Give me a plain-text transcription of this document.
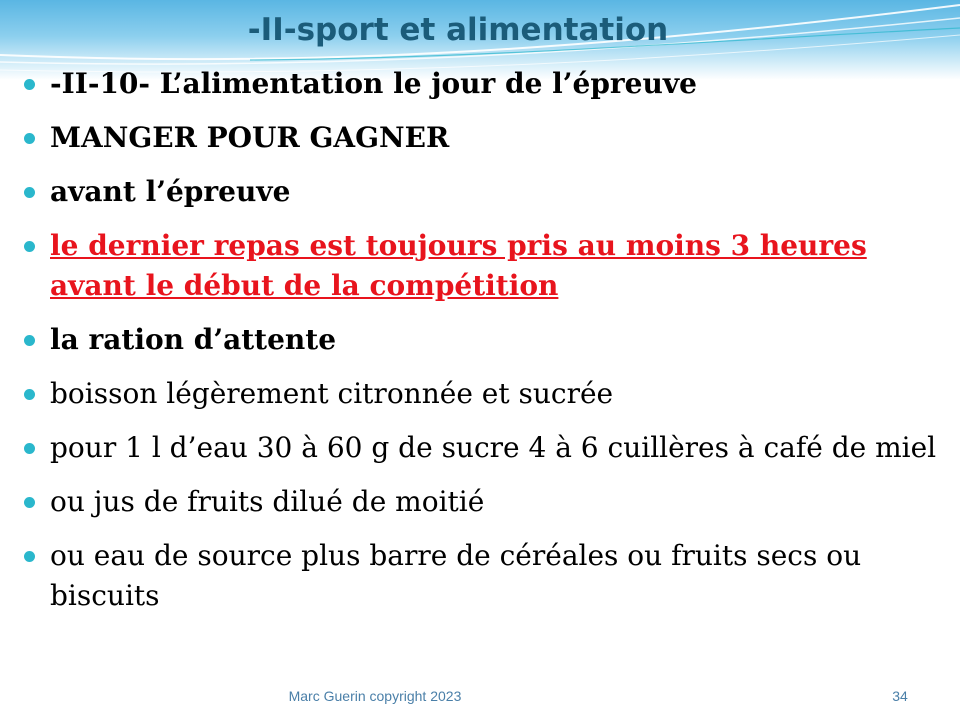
-II-sport et alimentation
-II-10- L’alimentation le jour de l’épreuve
MANGER POUR GAGNER
avant l’épreuve
le dernier repas est toujours pris au moins 3 heures avant le début de la compétition
la ration d’attente
boisson légèrement citronnée et sucrée
pour 1 l d’eau 30 à 60 g de sucre 4 à 6 cuillères à café de miel
ou jus de fruits dilué de moitié
ou eau de source plus barre de céréales ou fruits secs ou biscuits
Marc Guerin copyright 2023	34
